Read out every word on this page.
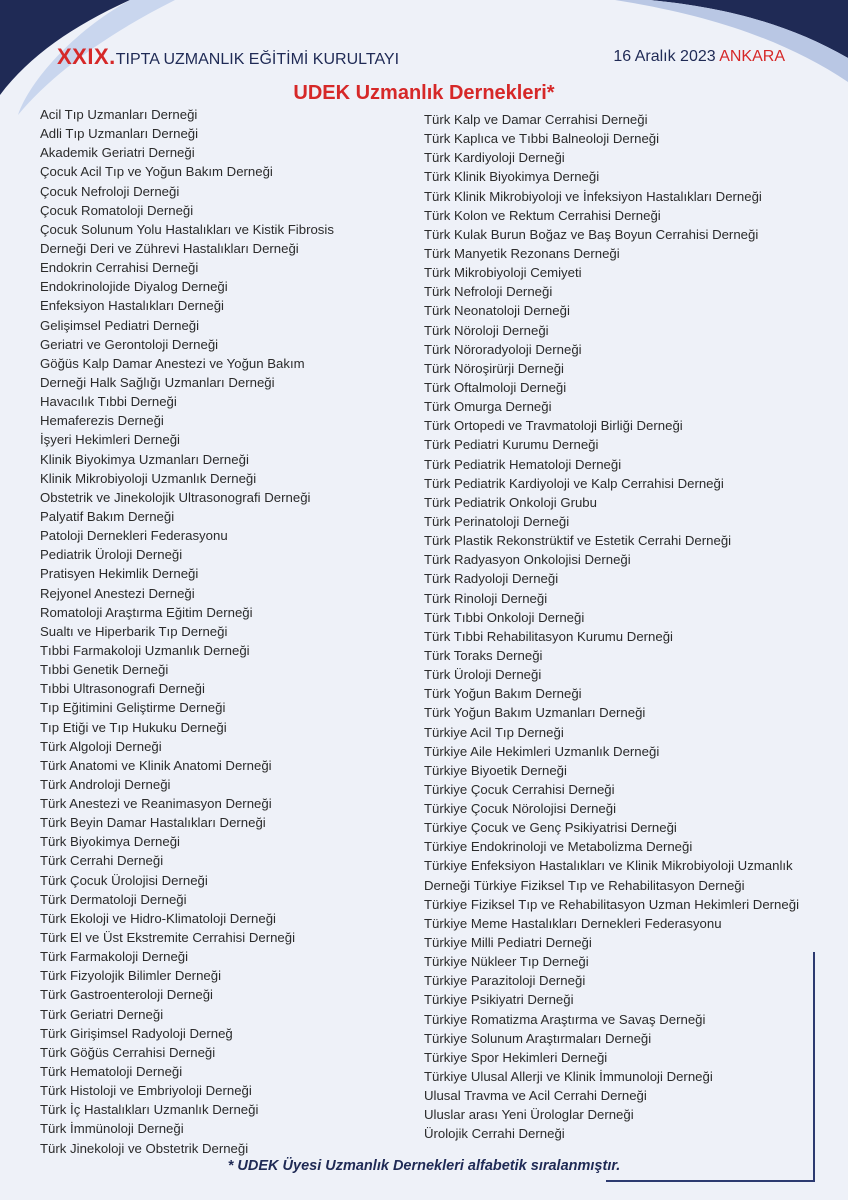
XXIX.TIPTA UZMANLIK EĞİTİMİ KURULTAYI	16 Aralık 2023 ANKARA
UDEK Uzmanlık Dernekleri*
Acil Tıp Uzmanları Derneği
Adli Tıp Uzmanları Derneği
Akademik Geriatri Derneği
Çocuk Acil Tıp ve Yoğun Bakım Derneği
Çocuk Nefroloji Derneği
Çocuk Romatoloji Derneği
Çocuk Solunum Yolu Hastalıkları ve Kistik Fibrosis
Derneği Deri ve Zührevi Hastalıkları Derneği
Endokrin Cerrahisi Derneği
Endokrinolojide Diyalog Derneği
Enfeksiyon Hastalıkları Derneği
Gelişimsel Pediatri Derneği
Geriatri ve Gerontoloji Derneği
Göğüs Kalp Damar Anestezi ve Yoğun Bakım
Derneği Halk Sağlığı Uzmanları Derneği
Havacılık Tıbbi Derneği
Hemaferezis Derneği
İşyeri Hekimleri Derneği
Klinik Biyokimya Uzmanları Derneği
Klinik Mikrobiyoloji Uzmanlık Derneği
Obstetrik ve Jinekolojik Ultrasonografi Derneği
Palyatif Bakım Derneği
Patoloji Dernekleri Federasyonu
Pediatrik Üroloji Derneği
Pratisyen Hekimlik Derneği
Rejyonel Anestezi Derneği
Romatoloji Araştırma Eğitim Derneği
Sualtı ve Hiperbarik Tıp Derneği
Tıbbi Farmakoloji Uzmanlık Derneği
Tıbbi Genetik Derneği
Tıbbi Ultrasonografi Derneği
Tıp Eğitimini Geliştirme Derneği
Tıp Etiği ve Tıp Hukuku Derneği
Türk Algoloji Derneği
Türk Anatomi ve Klinik Anatomi Derneği
Türk Androloji Derneği
Türk Anestezi ve Reanimasyon Derneği
Türk Beyin Damar Hastalıkları Derneği
Türk Biyokimya Derneği
Türk Cerrahi Derneği
Türk Çocuk Ürolojisi Derneği
Türk Dermatoloji Derneği
Türk Ekoloji ve Hidro-Klimatoloji Derneği
Türk El ve Üst Ekstremite Cerrahisi Derneği
Türk Farmakoloji Derneği
Türk Fizyolojik Bilimler Derneği
Türk Gastroenteroloji Derneği
Türk Geriatri Derneği
Türk Girişimsel Radyoloji Derneğ
Türk Göğüs Cerrahisi Derneği
Türk Hematoloji Derneği
Türk Histoloji ve Embriyoloji Derneği
Türk İç Hastalıkları Uzmanlık Derneği
Türk İmmünoloji Derneği
Türk Jinekoloji ve Obstetrik Derneği
Türk Kalp ve Damar Cerrahisi Derneği
Türk Kaplıca ve Tıbbi Balneoloji Derneği
Türk Kardiyoloji Derneği
Türk Klinik Biyokimya Derneği
Türk Klinik Mikrobiyoloji ve İnfeksiyon Hastalıkları Derneği
Türk Kolon ve Rektum Cerrahisi Derneği
Türk Kulak Burun Boğaz ve Baş Boyun Cerrahisi Derneği
Türk Manyetik Rezonans Derneği
Türk Mikrobiyoloji Cemiyeti
Türk Nefroloji Derneği
Türk Neonatoloji Derneği
Türk Nöroloji Derneği
Türk Nöroradyoloji Derneği
Türk Nöroşirürji Derneği
Türk Oftalmoloji Derneği
Türk Omurga Derneği
Türk Ortopedi ve Travmatoloji Birliği Derneği
Türk Pediatri Kurumu Derneği
Türk Pediatrik Hematoloji Derneği
Türk Pediatrik Kardiyoloji ve Kalp Cerrahisi Derneği
Türk Pediatrik Onkoloji Grubu
Türk Perinatoloji Derneği
Türk Plastik Rekonstrüktif ve Estetik Cerrahi Derneği
Türk Radyasyon Onkolojisi Derneği
Türk Radyoloji Derneği
Türk Rinoloji Derneği
Türk Tıbbi Onkoloji Derneği
Türk Tıbbi Rehabilitasyon Kurumu Derneği
Türk Toraks Derneği
Türk Üroloji Derneği
Türk Yoğun Bakım Derneği
Türk Yoğun Bakım Uzmanları Derneği
Türkiye Acil Tıp Derneği
Türkiye Aile Hekimleri Uzmanlık Derneği
Türkiye Biyoetik Derneği
Türkiye Çocuk Cerrahisi Derneği
Türkiye Çocuk Nörolojisi Derneği
Türkiye Çocuk ve Genç Psikiyatrisi Derneği
Türkiye Endokrinoloji ve Metabolizma Derneği
Türkiye Enfeksiyon Hastalıkları ve Klinik Mikrobiyoloji Uzmanlık
Derneği Türkiye Fiziksel Tıp ve Rehabilitasyon Derneği
Türkiye Fiziksel Tıp ve Rehabilitasyon Uzman Hekimleri Derneği
Türkiye Meme Hastalıkları Dernekleri Federasyonu
Türkiye Milli Pediatri Derneği
Türkiye Nükleer Tıp Derneği
Türkiye Parazitoloji Derneği
Türkiye Psikiyatri Derneği
Türkiye Romatizma Araştırma ve Savaş Derneği
Türkiye Solunum Araştırmaları Derneği
Türkiye Spor Hekimleri Derneği
Türkiye Ulusal Allerji ve Klinik İmmunoloji Derneği
Ulusal Travma ve Acil Cerrahi Derneği
Uluslar arası Yeni Ürologlar Derneği
Ürolojik Cerrahi Derneği
* UDEK Üyesi Uzmanlık Dernekleri alfabetik sıralanmıştır.
